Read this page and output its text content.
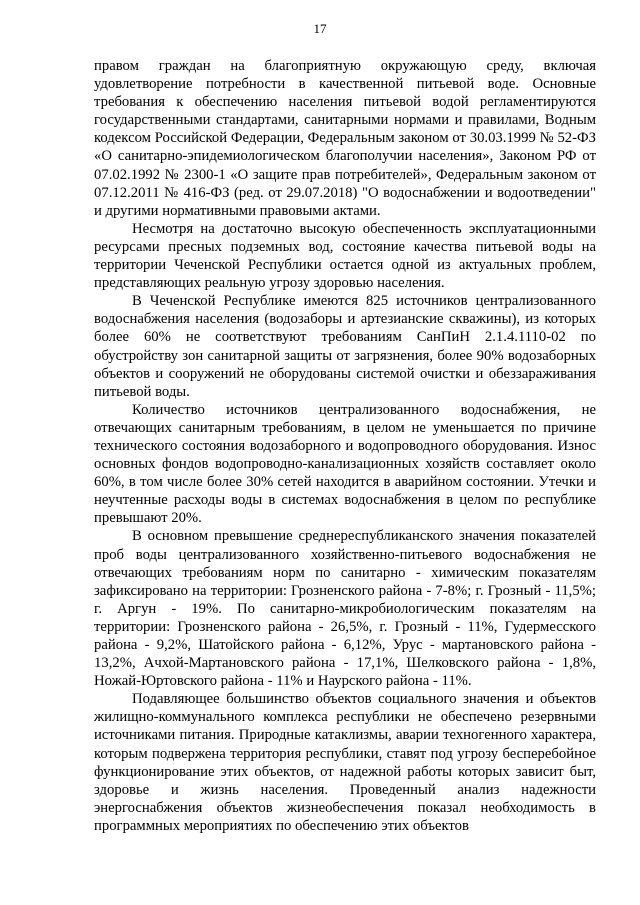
17

правом граждан на благоприятную окружающую среду, включая удовлетворение потребности в качественной питьевой воде. Основные требования к обеспечению населения питьевой водой регламентируются государственными стандартами, санитарными нормами и правилами, Водным кодексом Российской Федерации, Федеральным законом от 30.03.1999 № 52-ФЗ «О санитарно-эпидемиологическом благополучии населения», Законом РФ от 07.02.1992 № 2300-1 «О защите прав потребителей», Федеральным законом от 07.12.2011 № 416-ФЗ (ред. от 29.07.2018) "О водоснабжении и водоотведении" и другими нормативными правовыми актами.

Несмотря на достаточно высокую обеспеченность эксплуатационными ресурсами пресных подземных вод, состояние качества питьевой воды на территории Чеченской Республики остается одной из актуальных проблем, представляющих реальную угрозу здоровью населения.

В Чеченской Республике имеются 825 источников централизованного водоснабжения населения (водозаборы и артезианские скважины), из которых более 60% не соответствуют требованиям СанПиН 2.1.4.1110-02 по обустройству зон санитарной защиты от загрязнения, более 90% водозаборных объектов и сооружений не оборудованы системой очистки и обеззараживания питьевой воды.

Количество источников централизованного водоснабжения, не отвечающих санитарным требованиям, в целом не уменьшается по причине технического состояния водозаборного и водопроводного оборудования. Износ основных фондов водопроводно-канализационных хозяйств составляет около 60%, в том числе более 30% сетей находится в аварийном состоянии. Утечки и неучтенные расходы воды в системах водоснабжения в целом по республике превышают 20%.

В основном превышение среднереспубликанского значения показателей проб воды централизованного хозяйственно-питьевого водоснабжения не отвечающих требованиям норм по санитарно - химическим показателям зафиксировано на территории: Грозненского района - 7-8%; г. Грозный - 11,5%; г. Аргун - 19%. По санитарно-микробиологическим показателям на территории: Грозненского района - 26,5%, г. Грозный - 11%, Гудермесского района - 9,2%, Шатойского района - 6,12%, Урус - мартановского района - 13,2%, Ачхой-Мартановского района - 17,1%, Шелковского района - 1,8%, Ножай-Юртовского района - 11% и Наурского района - 11%.

Подавляющее большинство объектов социального значения и объектов жилищно-коммунального комплекса республики не обеспечено резервными источниками питания. Природные катаклизмы, аварии техногенного характера, которым подвержена территория республики, ставят под угрозу бесперебойное функционирование этих объектов, от надежной работы которых зависит быт, здоровье и жизнь населения. Проведенный анализ надежности энергоснабжения объектов жизнеобеспечения показал необходимость в программных мероприятиях по обеспечению этих объектов
